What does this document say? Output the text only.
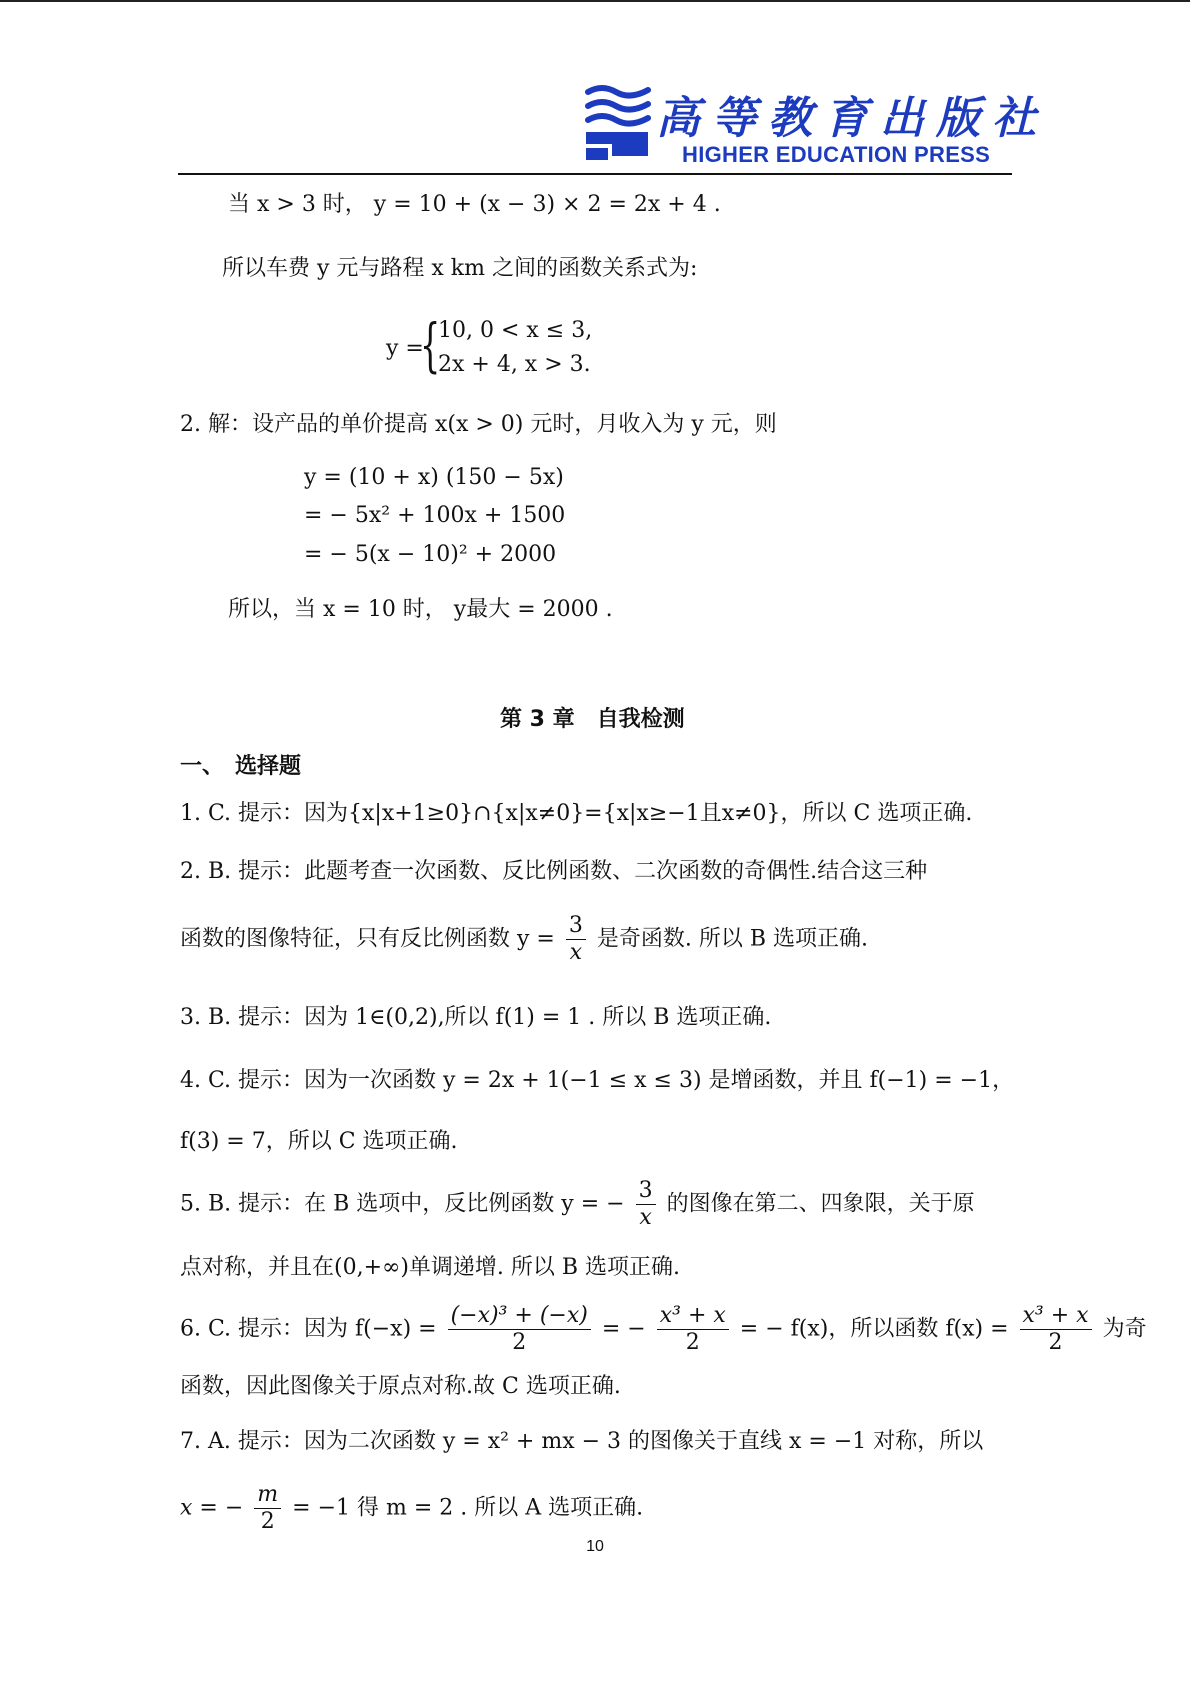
高等教育出版社
HIGHER EDUCATION PRESS
当 x > 3 时， y = 10 + (x − 3) × 2 = 2x + 4 .
所以车费 y 元与路程 x km 之间的函数关系式为:
y =
{
10, 0 < x ≤ 3,
2x + 4, x > 3.
2. 解：设产品的单价提高 x(x > 0) 元时，月收入为 y 元，则
y = (10 + x) (150 − 5x)
= − 5x² + 100x + 1500
= − 5(x − 10)² + 2000
所以，当 x = 10 时， y最大 = 2000 .
第 3 章　自我检测
一、　选择题
1. C. 提示：因为{x|x+1≥0}∩{x|x≠0}={x|x≥−1且x≠0}，所以 C 选项正确.
2. B. 提示：此题考查一次函数、反比例函数、二次函数的奇偶性.结合这三种
函数的图像特征，只有反比例函数 $y = \frac{3}{x}$ 是奇函数. 所以 B 选项正确.
3. B. 提示：因为 1∈(0,2),所以 f(1) = 1 . 所以 B 选项正确.
4. C. 提示：因为一次函数 y = 2x + 1(−1 ≤ x ≤ 3) 是增函数，并且 f(−1) = −1，
f(3) = 7，所以 C 选项正确.
5. B. 提示：在 B 选项中，反比例函数 y = − $\frac{3}{x}$ 的图像在第二、四象限，关于原
点对称，并且在(0,+∞)单调递增. 所以 B 选项正确.
6. C. 提示：因为 $f(-x) = \frac{\text{(−x)³ + (−x)}}{2}$ = − $\frac{\text{x³ + x}}{2}$ = − f(x)，所以函数 $f(x) = \frac{\text{x³ + x}}{2}$ 为奇
函数，因此图像关于原点对称.故 C 选项正确.
7. A. 提示：因为二次函数 y = x² + mx − 3 的图像关于直线 x = −1 对称，所以
x = − $\frac{m}{2} = -1$ 得 m = 2 . 所以 A 选项正确.
10
